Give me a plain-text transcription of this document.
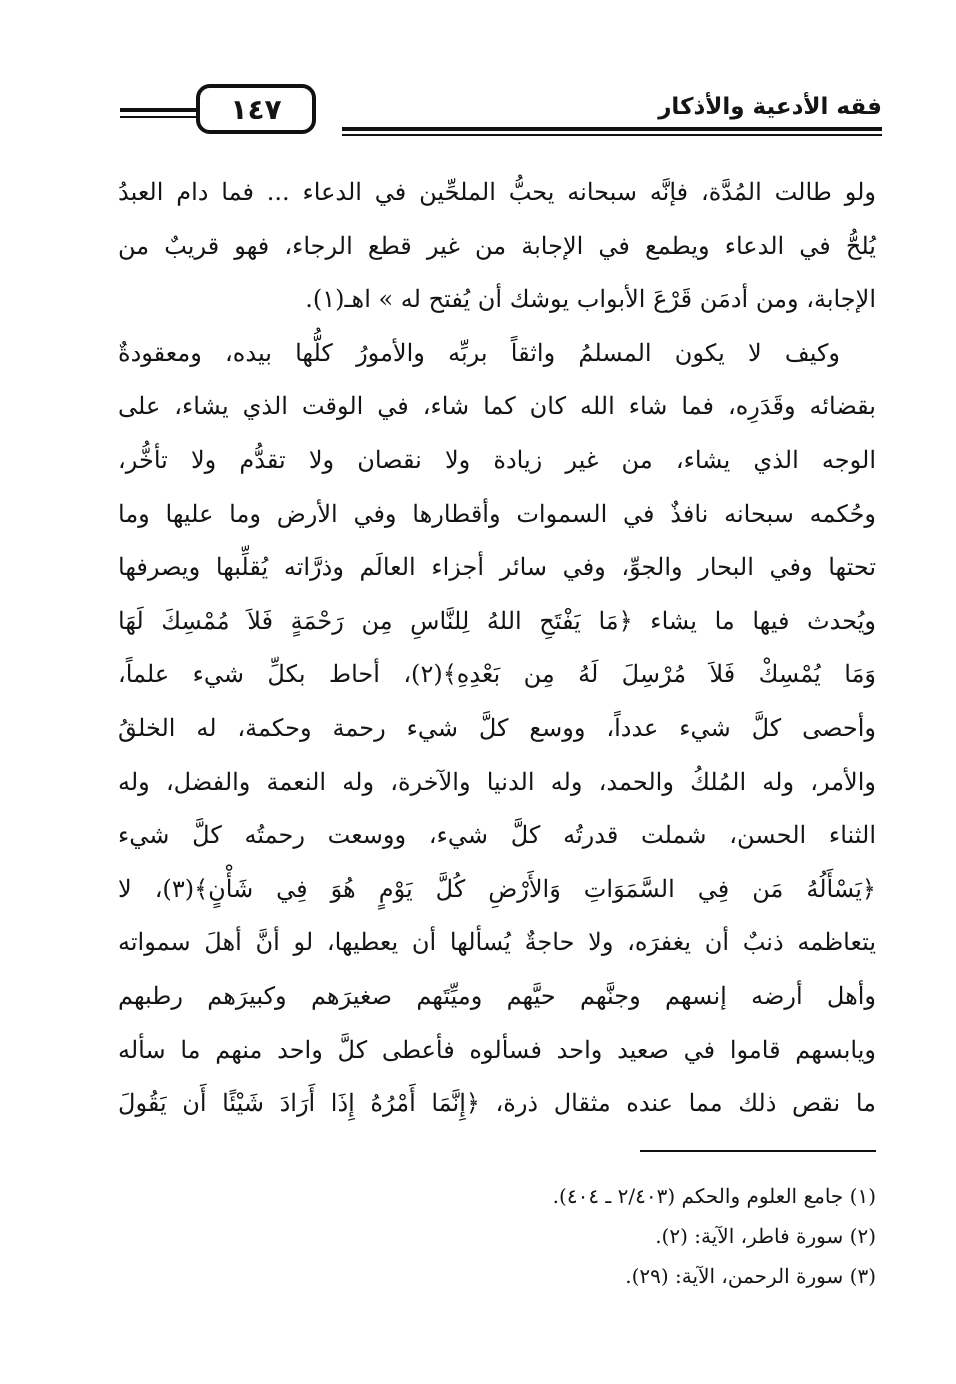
فقه الأدعية والأذكار
١٤٧
ولو طالت المُدَّة، فإنَّه سبحانه يحبُّ الملحِّين في الدعاء ... فما دام العبدُ
يُلحُّ في الدعاء ويطمع في الإجابة من غير قطع الرجاء، فهو قريبٌ من
الإجابة، ومن أدمَن قَرْعَ الأبواب يوشك أن يُفتح له » اهـ(١).
وكيف لا يكون المسلمُ واثقاً بربِّه والأمورُ كلُّها بيده، ومعقودةٌ
بقضائه وقَدَرِه، فما شاء الله كان كما شاء، في الوقت الذي يشاء، على
الوجه الذي يشاء، من غير زيادة ولا نقصان ولا تقدُّم ولا تأخُّر،
وحُكمه سبحانه نافذٌ في السموات وأقطارها وفي الأرض وما عليها وما
تحتها وفي البحار والجوِّ، وفي سائر أجزاء العالَم وذرَّاته يُقلِّبها ويصرفها
ويُحدث فيها ما يشاء ﴿مَا يَفْتَحِ اللهُ لِلنَّاسِ مِن رَحْمَةٍ فَلاَ مُمْسِكَ لَهَا
وَمَا يُمْسِكْ فَلاَ مُرْسِلَ لَهُ مِن بَعْدِهِ﴾(٢)، أحاط بكلِّ شيء علماً،
وأحصى كلَّ شيء عدداً، ووسع كلَّ شيء رحمة وحكمة، له الخلقُ
والأمر، وله المُلكُ والحمد، وله الدنيا والآخرة، وله النعمة والفضل، وله
الثناء الحسن، شملت قدرتُه كلَّ شيء، ووسعت رحمتُه كلَّ شيء
﴿يَسْأَلُهُ مَن فِي السَّمَوَاتِ وَالأَرْضِ كُلَّ يَوْمٍ هُوَ فِي شَأْنٍ﴾(٣)، لا
يتعاظمه ذنبٌ أن يغفرَه، ولا حاجةٌ يُسألها أن يعطيها، لو أنَّ أهلَ سمواته
وأهل أرضه إنسهم وجنَّهم حيَّهم وميِّتَهم صغيرَهم وكبيرَهم رطبهم
ويابسهم قاموا في صعيد واحد فسألوه فأعطى كلَّ واحد منهم ما سأله
ما نقص ذلك مما عنده مثقال ذرة، ﴿إِنَّمَا أَمْرُهُ إِذَا أَرَادَ شَيْئًا أَن يَقُولَ
(١) جامع العلوم والحكم (٢/٤٠٣ ـ ٤٠٤).
(٢) سورة فاطر، الآية: (٢).
(٣) سورة الرحمن، الآية: (٢٩).
